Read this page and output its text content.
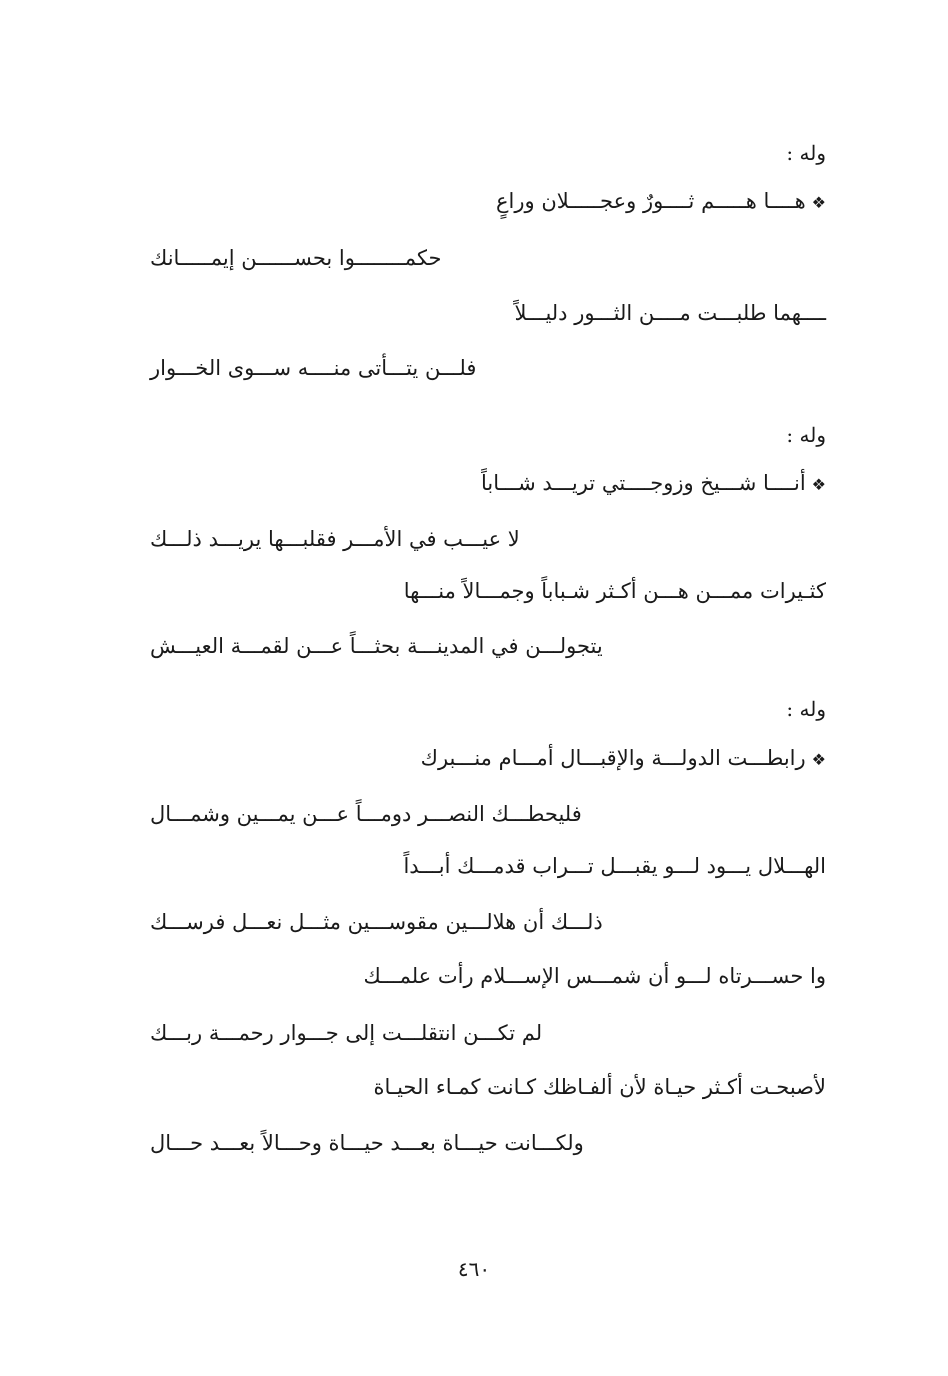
وله :
❖هــــا هـــــم ثــــورٌ وعجـــــلان وراعٍ
حكمــــــــوا بحســــــن إيمـــــانك
ــــهما طلبـــت مــــن الثـــور دليـــلاً
فلـــن يتـــأتى منــــه ســـوى الخـــوار
وله :
❖أنــــا شـــيخ وزوجــــتي تريـــد شـــاباً
لا عيـــب في الأمـــر فقلبـــها يريـــد ذلـــك
كثـيرات ممـــن هـــن أكـثر شـباباً وجمـــالاً منـــها
يتجولـــن في المدينـــة بحثـــاً عـــن لقمـــة العيـــش
وله :
❖رابطـــت الدولـــة والإقبـــال أمـــام منـــبرك
فليحطـــك النصـــر دومـــاً عـــن يمـــين وشمـــال
الهـــلال يـــود لـــو يقبـــل تـــراب قدمـــك أبـــداً
ذلـــك أن هلالـــين مقوســـين مثـــل نعـــل فرســـك
وا حســـرتاه لـــو أن شمـــس الإســـلام رأت علمـــك
لم تكـــن انتقلـــت إلى جـــوار رحمـــة ربـــك
لأصبحـت أكـثر حيـاة لأن ألفـاظك كـانت كمـاء الحيـاة
ولكـــانت حيـــاة بعـــد حيـــاة وحـــالاً بعـــد حـــال
٤٦٠
